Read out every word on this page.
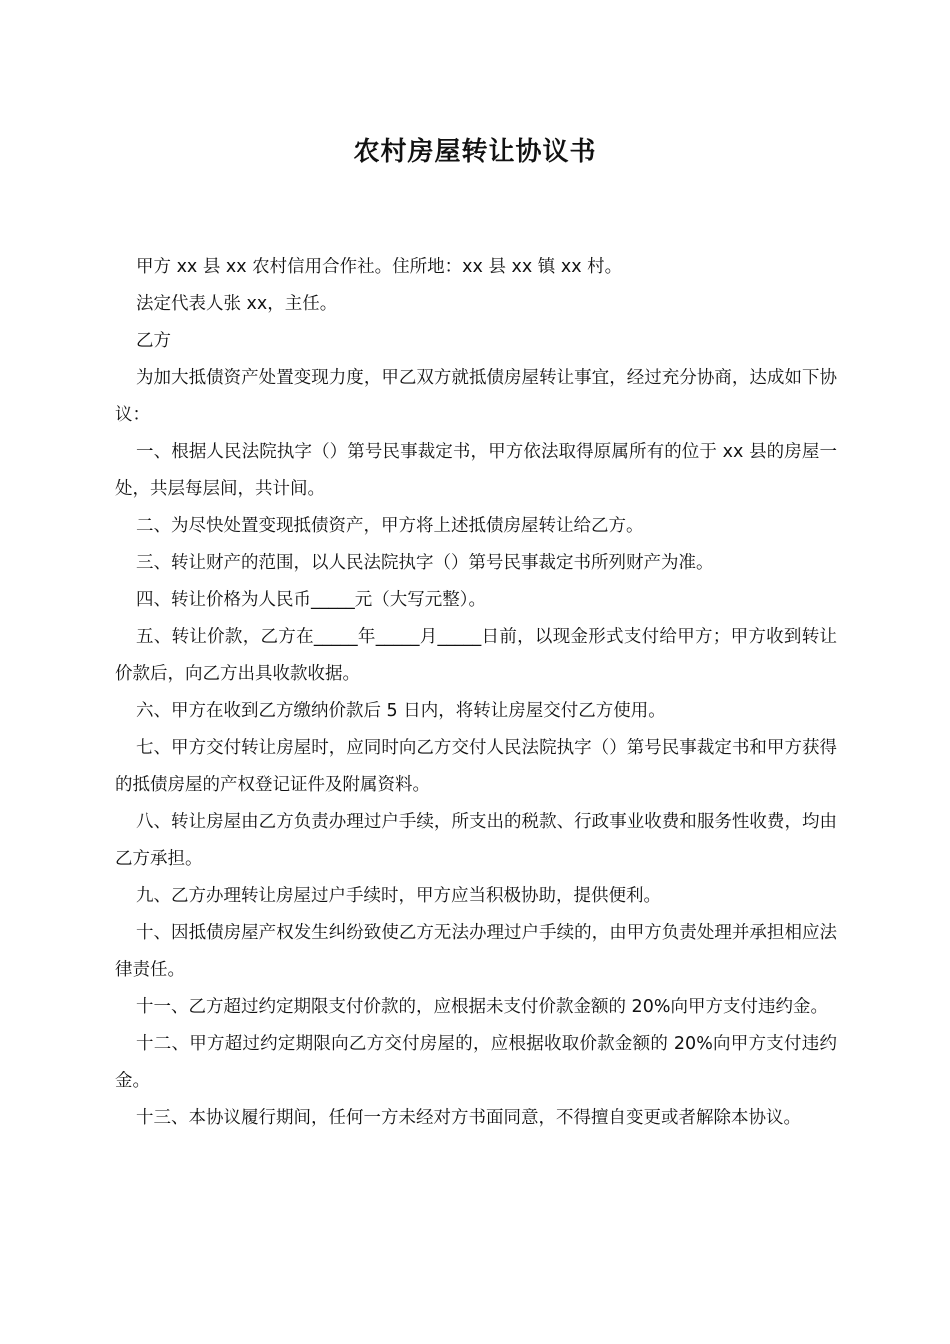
农村房屋转让协议书

甲方 xx 县 xx 农村信用合作社。住所地：xx 县 xx 镇 xx 村。

法定代表人张 xx，主任。

乙方

为加大抵债资产处置变现力度，甲乙双方就抵债房屋转让事宜，经过充分协商，达成如下协议：

一、根据人民法院执字（）第号民事裁定书，甲方依法取得原属所有的位于 xx 县的房屋一处，共层每层间，共计间。

二、为尽快处置变现抵债资产，甲方将上述抵债房屋转让给乙方。

三、转让财产的范围，以人民法院执字（）第号民事裁定书所列财产为准。

四、转让价格为人民币_____元（大写元整）。

五、转让价款，乙方在_____年_____月_____日前，以现金形式支付给甲方；甲方收到转让价款后，向乙方出具收款收据。

六、甲方在收到乙方缴纳价款后 5 日内，将转让房屋交付乙方使用。

七、甲方交付转让房屋时，应同时向乙方交付人民法院执字（）第号民事裁定书和甲方获得的抵债房屋的产权登记证件及附属资料。

八、转让房屋由乙方负责办理过户手续，所支出的税款、行政事业收费和服务性收费，均由乙方承担。

九、乙方办理转让房屋过户手续时，甲方应当积极协助，提供便利。

十、因抵债房屋产权发生纠纷致使乙方无法办理过户手续的，由甲方负责处理并承担相应法律责任。

十一、乙方超过约定期限支付价款的，应根据未支付价款金额的 20%向甲方支付违约金。

十二、甲方超过约定期限向乙方交付房屋的，应根据收取价款金额的 20%向甲方支付违约金。

十三、本协议履行期间，任何一方未经对方书面同意，不得擅自变更或者解除本协议。
